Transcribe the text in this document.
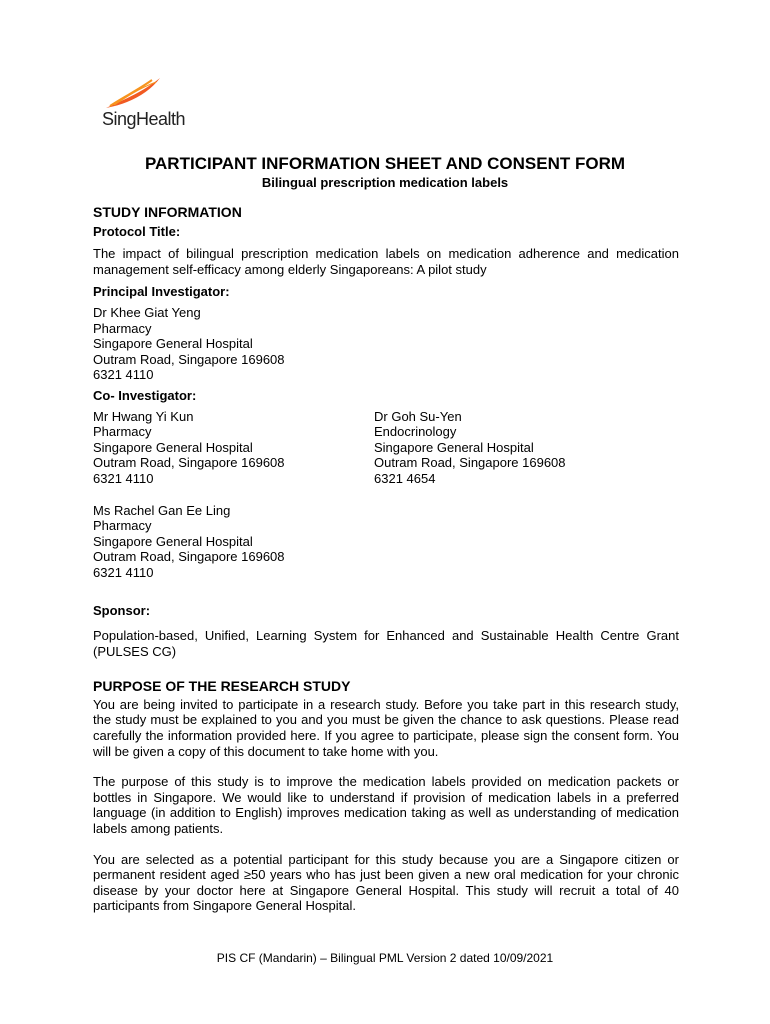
SingHealth
PARTICIPANT INFORMATION SHEET AND CONSENT FORM
Bilingual prescription medication labels
STUDY INFORMATION
Protocol Title:

The impact of bilingual prescription medication labels on medication adherence and medication management self-efficacy among elderly Singaporeans: A pilot study

Principal Investigator:
Dr Khee Giat Yeng
Pharmacy
Singapore General Hospital
Outram Road, Singapore 169608
6321 4110
Co- Investigator:
Mr Hwang Yi Kun
Pharmacy
Singapore General Hospital
Outram Road, Singapore 169608
6321 4110
Dr Goh Su-Yen
Endocrinology
Singapore General Hospital
Outram Road, Singapore 169608
6321 4654
Ms Rachel Gan Ee Ling
Pharmacy
Singapore General Hospital
Outram Road, Singapore 169608
6321 4110
Sponsor:

Population-based, Unified, Learning System for Enhanced and Sustainable Health Centre Grant (PULSES CG)

PURPOSE OF THE RESEARCH STUDY

You are being invited to participate in a research study. Before you take part in this research study, the study must be explained to you and you must be given the chance to ask questions. Please read carefully the information provided here. If you agree to participate, please sign the consent form. You will be given a copy of this document to take home with you.

The purpose of this study is to improve the medication labels provided on medication packets or bottles in Singapore. We would like to understand if provision of medication labels in a preferred language (in addition to English) improves medication taking as well as understanding of medication labels among patients.

You are selected as a potential participant for this study because you are a Singapore citizen or permanent resident aged ≥50 years who has just been given a new oral medication for your chronic disease by your doctor here at Singapore General Hospital. This study will recruit a total of 40 participants from Singapore General Hospital.

PIS CF (Mandarin) – Bilingual PML Version 2 dated 10/09/2021
